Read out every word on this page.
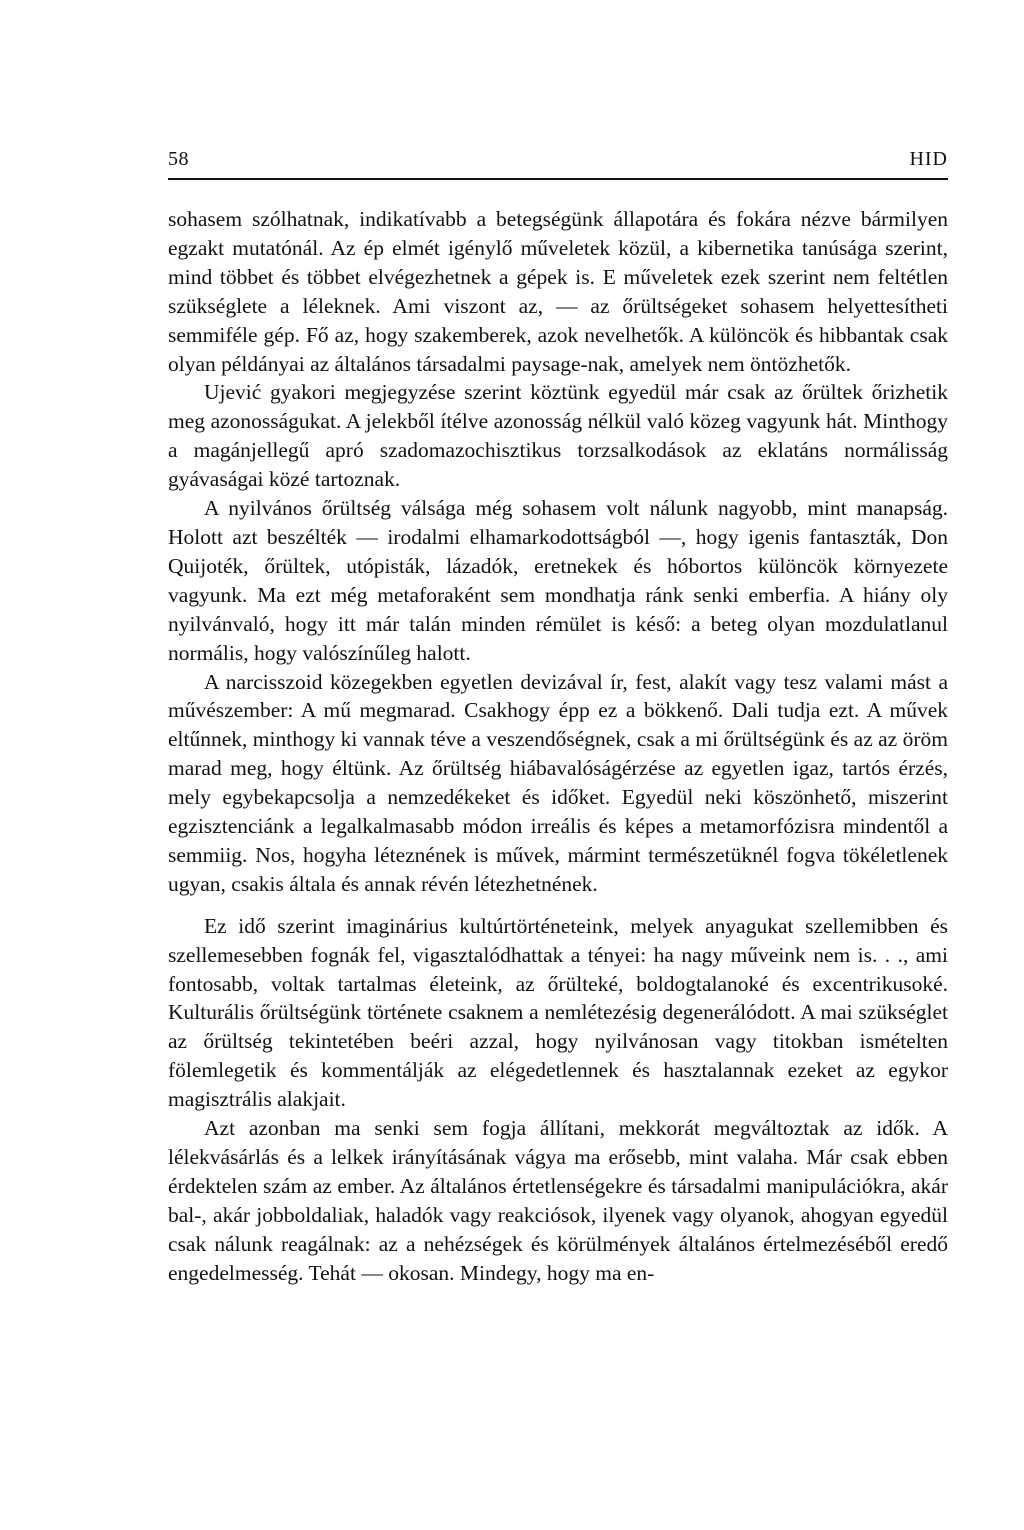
58	HID

sohasem szólhatnak, indikatívabb a betegségünk állapotára és fokára nézve bármilyen egzakt mutatónál. Az ép elmét igénylő műveletek közül, a kibernetika tanúsága szerint, mind többet és többet elvégezhetnek a gépek is. E műveletek ezek szerint nem feltétlen szükséglete a léleknek. Ami viszont az, — az őrültségeket sohasem helyettesítheti semmiféle gép. Fő az, hogy szakemberek, azok nevelhetők. A különcök és hibbantak csak olyan példányai az általános társadalmi paysage-nak, amelyek nem öntözhetők.

Ujević gyakori megjegyzése szerint köztünk egyedül már csak az őrültek őrizhetik meg azonosságukat. A jelekből ítélve azonosság nélkül való közeg vagyunk hát. Minthogy a magánjellegű apró szadomazochisztikus torzsalkodások az eklatáns normálisság gyávaságai közé tartoznak.

A nyilvános őrültség válsága még sohasem volt nálunk nagyobb, mint manapság. Holott azt beszélték — irodalmi elhamarkodottságból —, hogy igenis fantaszták, Don Quijoték, őrültek, utópisták, lázadók, eretnekek és hóbortos különcök környezete vagyunk. Ma ezt még metaforaként sem mondhatja ránk senki emberfia. A hiány oly nyilvánvaló, hogy itt már talán minden rémület is késő: a beteg olyan mozdulatlanul normális, hogy valószínűleg halott.

A narcisszoid közegekben egyetlen devizával ír, fest, alakít vagy tesz valami mást a művészember: A mű megmarad. Csakhogy épp ez a bökkenő. Dali tudja ezt. A művek eltűnnek, minthogy ki vannak téve a veszendőségnek, csak a mi őrültségünk és az az öröm marad meg, hogy éltünk. Az őrültség hiábavalóságérzése az egyetlen igaz, tartós érzés, mely egybekapcsolja a nemzedékeket és időket. Egyedül neki köszönhető, miszerint egzisztenciánk a legalkalmasabb módon irreális és képes a metamorfózisra mindentől a semmiig. Nos, hogyha léteznének is művek, mármint természetüknél fogva tökéletlenek ugyan, csakis általa és annak révén létezhetnének.

Ez idő szerint imaginárius kultúrtörténeteink, melyek anyagukat szellemibben és szellemesebben fognák fel, vigasztalódhattak a tényei: ha nagy műveink nem is. . ., ami fontosabb, voltak tartalmas életeink, az őrülteké, boldogtalanoké és excentrikusoké. Kulturális őrültségünk története csaknem a nemlétezésig degenerálódott. A mai szükséglet az őrültség tekintetében beéri azzal, hogy nyilvánosan vagy titokban ismételten fölemlegetik és kommentálják az elégedetlennek és hasztalannak ezeket az egykor magisztrális alakjait.

Azt azonban ma senki sem fogja állítani, mekkorát megváltoztak az idők. A lélekvásárlás és a lelkek irányításának vágya ma erősebb, mint valaha. Már csak ebben érdektelen szám az ember. Az általános értetlenségekre és társadalmi manipulációkra, akár bal-, akár jobboldaliak, haladók vagy reakciósok, ilyenek vagy olyanok, ahogyan egyedül csak nálunk reagálnak: az a nehézségek és körülmények általános értelmezéséből eredő engedelmesség. Tehát — okosan. Mindegy, hogy ma en-
